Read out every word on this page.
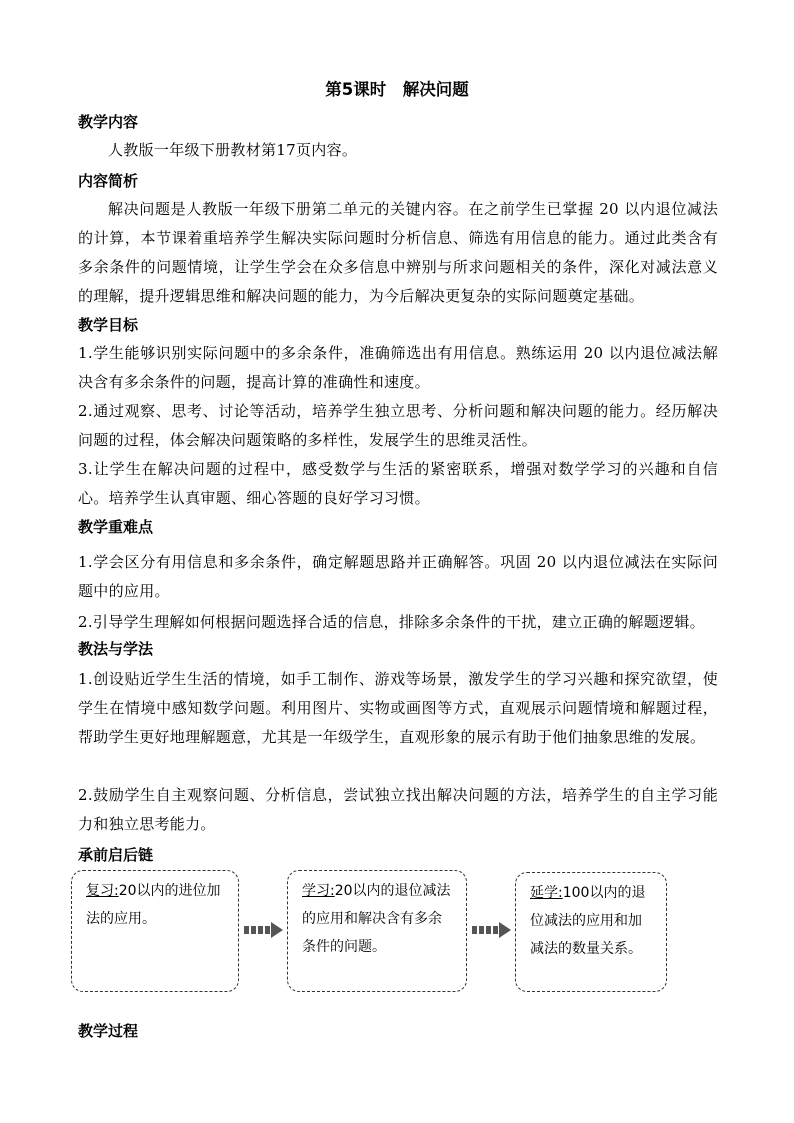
第5课时　解决问题
教学内容
人教版一年级下册教材第17页内容。
内容简析
解决问题是人教版一年级下册第二单元的关键内容。在之前学生已掌握 20 以内退位减法的计算，本节课着重培养学生解决实际问题时分析信息、筛选有用信息的能力。通过此类含有多余条件的问题情境，让学生学会在众多信息中辨别与所求问题相关的条件，深化对减法意义的理解，提升逻辑思维和解决问题的能力，为今后解决更复杂的实际问题奠定基础。
教学目标
1.学生能够识别实际问题中的多余条件，准确筛选出有用信息。熟练运用 20 以内退位减法解决含有多余条件的问题，提高计算的准确性和速度。
2.通过观察、思考、讨论等活动，培养学生独立思考、分析问题和解决问题的能力。经历解决问题的过程，体会解决问题策略的多样性，发展学生的思维灵活性。
3.让学生在解决问题的过程中，感受数学与生活的紧密联系，增强对数学学习的兴趣和自信心。培养学生认真审题、细心答题的良好学习习惯。
教学重难点
1.学会区分有用信息和多余条件，确定解题思路并正确解答。巩固 20 以内退位减法在实际问题中的应用。
2.引导学生理解如何根据问题选择合适的信息，排除多余条件的干扰，建立正确的解题逻辑。
教法与学法
1.创设贴近学生生活的情境，如手工制作、游戏等场景，激发学生的学习兴趣和探究欲望，使学生在情境中感知数学问题。利用图片、实物或画图等方式，直观展示问题情境和解题过程，帮助学生更好地理解题意，尤其是一年级学生，直观形象的展示有助于他们抽象思维的发展。
2.鼓励学生自主观察问题、分析信息，尝试独立找出解决问题的方法，培养学生的自主学习能力和独立思考能力。
承前启后链
复习:20以内的进位加法的应用。
学习:20以内的退位减法的应用和解决含有多余条件的问题。
延学:100以内的退位减法的应用和加减法的数量关系。
教学过程
